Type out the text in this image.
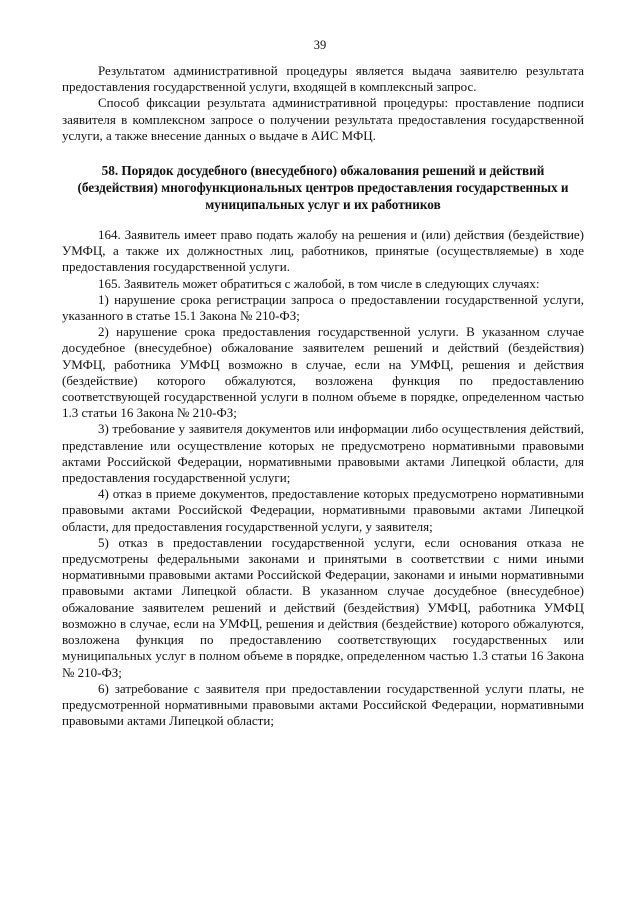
39

Результатом административной процедуры является выдача заявителю результата предоставления государственной услуги, входящей в комплексный запрос.

Способ фиксации результата административной процедуры: проставление подписи заявителя в комплексном запросе о получении результата предоставления государственной услуги, а также внесение данных о выдаче в АИС МФЦ.

58. Порядок досудебного (внесудебного) обжалования решений и действий (бездействия) многофункциональных центров предоставления государственных и муниципальных услуг и их работников

164. Заявитель имеет право подать жалобу на решения и (или) действия (бездействие) УМФЦ, а также их должностных лиц, работников, принятые (осуществляемые) в ходе предоставления государственной услуги.

165. Заявитель может обратиться с жалобой, в том числе в следующих случаях:

1) нарушение срока регистрации запроса о предоставлении государственной услуги, указанного в статье 15.1 Закона № 210-ФЗ;

2) нарушение срока предоставления государственной услуги. В указанном случае досудебное (внесудебное) обжалование заявителем решений и действий (бездействия) УМФЦ, работника УМФЦ возможно в случае, если на УМФЦ, решения и действия (бездействие) которого обжалуются, возложена функция по предоставлению соответствующей государственной услуги в полном объеме в порядке, определенном частью 1.3 статьи 16 Закона № 210-ФЗ;

3) требование у заявителя документов или информации либо осуществления действий, представление или осуществление которых не предусмотрено нормативными правовыми актами Российской Федерации, нормативными правовыми актами Липецкой области, для предоставления государственной услуги;

4) отказ в приеме документов, предоставление которых предусмотрено нормативными правовыми актами Российской Федерации, нормативными правовыми актами Липецкой области, для предоставления государственной услуги, у заявителя;

5) отказ в предоставлении государственной услуги, если основания отказа не предусмотрены федеральными законами и принятыми в соответствии с ними иными нормативными правовыми актами Российской Федерации, законами и иными нормативными правовыми актами Липецкой области. В указанном случае досудебное (внесудебное) обжалование заявителем решений и действий (бездействия) УМФЦ, работника УМФЦ возможно в случае, если на УМФЦ, решения и действия (бездействие) которого обжалуются, возложена функция по предоставлению соответствующих государственных или муниципальных услуг в полном объеме в порядке, определенном частью 1.3 статьи 16 Закона № 210-ФЗ;

6) затребование с заявителя при предоставлении государственной услуги платы, не предусмотренной нормативными правовыми актами Российской Федерации, нормативными правовыми актами Липецкой области;
